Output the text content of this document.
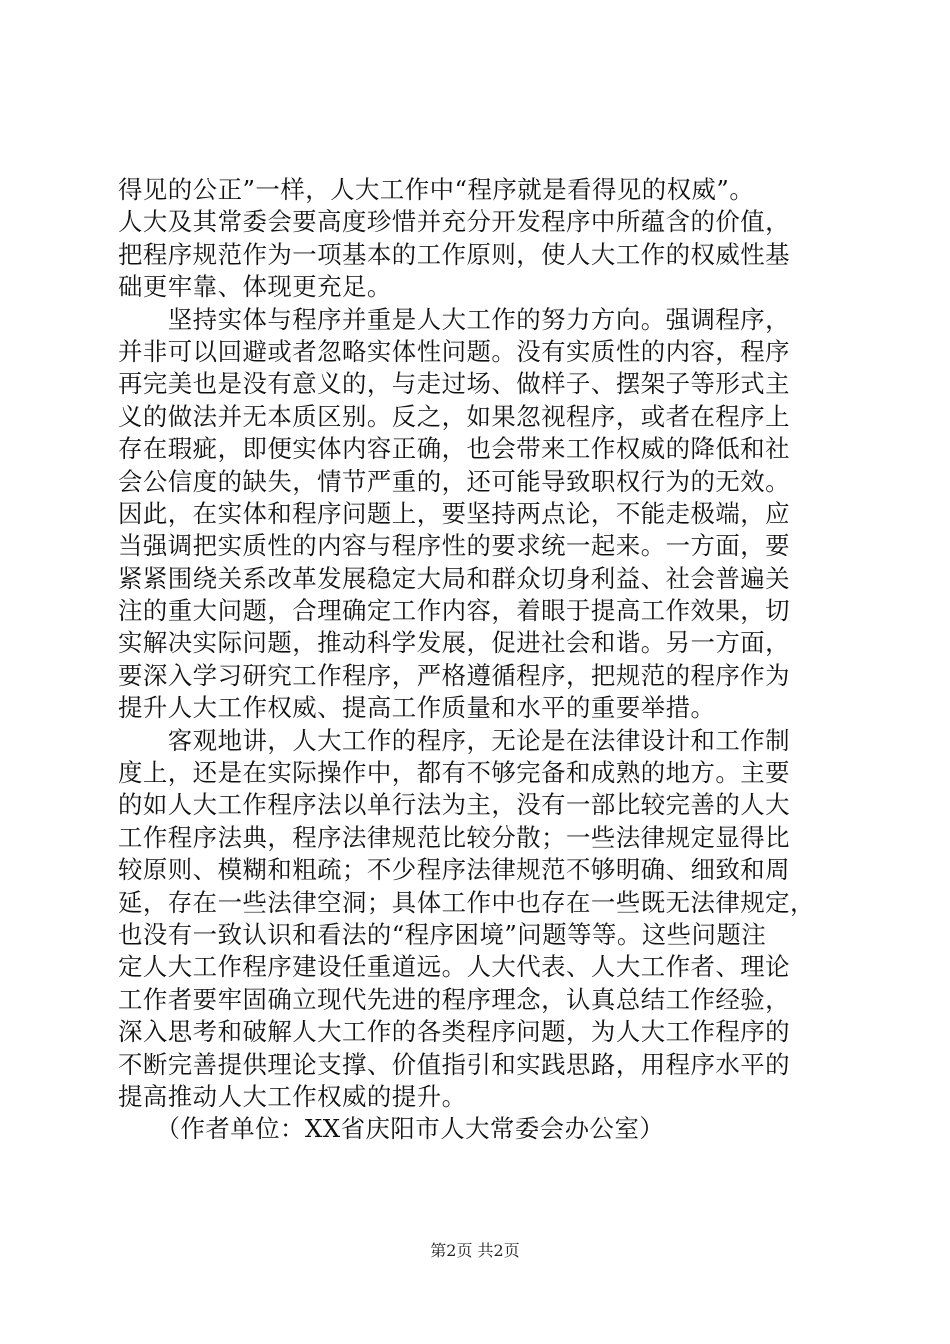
得见的公正”一样，人大工作中“程序就是看得见的权威”。
人大及其常委会要高度珍惜并充分开发程序中所蕴含的价值，
把程序规范作为一项基本的工作原则，使人大工作的权威性基
础更牢靠、体现更充足。
　　坚持实体与程序并重是人大工作的努力方向。强调程序，
并非可以回避或者忽略实体性问题。没有实质性的内容，程序
再完美也是没有意义的，与走过场、做样子、摆架子等形式主
义的做法并无本质区别。反之，如果忽视程序，或者在程序上
存在瑕疵，即便实体内容正确，也会带来工作权威的降低和社
会公信度的缺失，情节严重的，还可能导致职权行为的无效。
因此，在实体和程序问题上，要坚持两点论，不能走极端，应
当强调把实质性的内容与程序性的要求统一起来。一方面，要
紧紧围绕关系改革发展稳定大局和群众切身利益、社会普遍关
注的重大问题，合理确定工作内容，着眼于提高工作效果，切
实解决实际问题，推动科学发展，促进社会和谐。另一方面，
要深入学习研究工作程序，严格遵循程序，把规范的程序作为
提升人大工作权威、提高工作质量和水平的重要举措。
　　客观地讲，人大工作的程序，无论是在法律设计和工作制
度上，还是在实际操作中，都有不够完备和成熟的地方。主要
的如人大工作程序法以单行法为主，没有一部比较完善的人大
工作程序法典，程序法律规范比较分散；一些法律规定显得比
较原则、模糊和粗疏；不少程序法律规范不够明确、细致和周
延，存在一些法律空洞；具体工作中也存在一些既无法律规定，
也没有一致认识和看法的“程序困境”问题等等。这些问题注
定人大工作程序建设任重道远。人大代表、人大工作者、理论
工作者要牢固确立现代先进的程序理念，认真总结工作经验，
深入思考和破解人大工作的各类程序问题，为人大工作程序的
不断完善提供理论支撑、价值指引和实践思路，用程序水平的
提高推动人大工作权威的提升。
　　（作者单位：XX省庆阳市人大常委会办公室）
第2页 共2页
